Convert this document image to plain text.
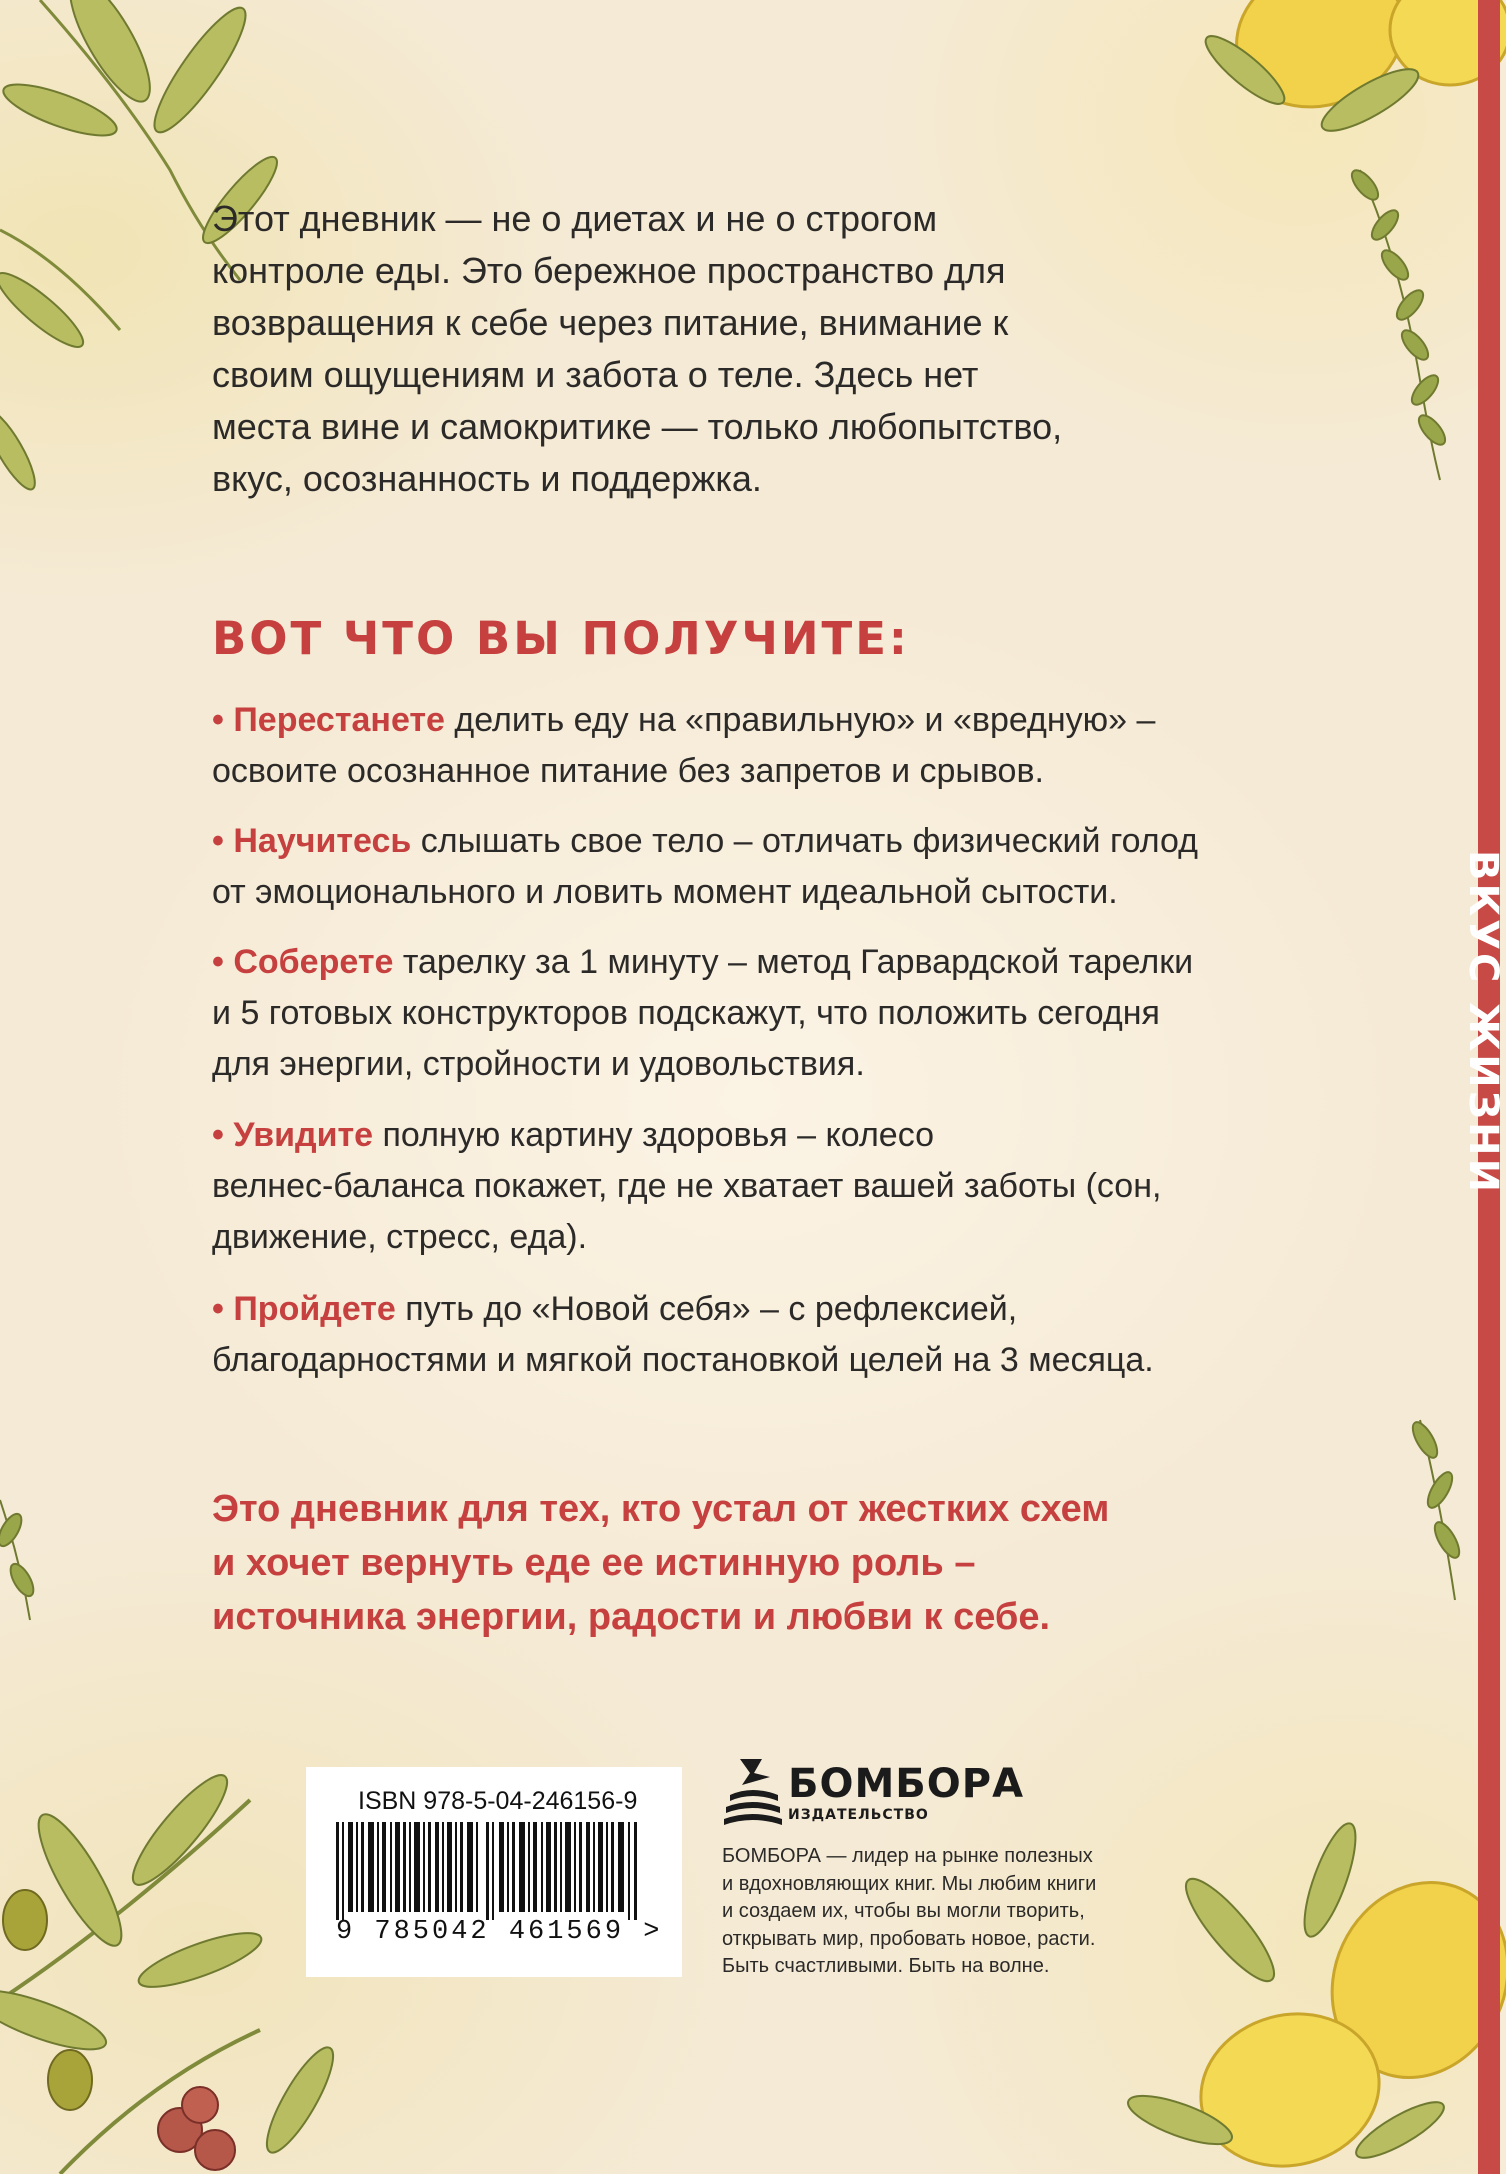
ВКУС ЖИЗНИ
Этот дневник — не о диетах и не о строгом
контроле еды. Это бережное пространство для
возвращения к себе через питание, внимание к
своим ощущениям и забота о теле. Здесь нет
места вине и самокритике — только любопытство,
вкус, осознанность и поддержка.
ВОТ ЧТО ВЫ ПОЛУЧИТЕ:
• Перестанете делить еду на «правильную» и «вредную» –
освоите осознанное питание без запретов и срывов.
• Научитесь слышать свое тело – отличать физический голод
от эмоционального и ловить момент идеальной сытости.
• Соберете тарелку за 1 минуту – метод Гарвардской тарелки
и 5 готовых конструкторов подскажут, что положить сегодня
для энергии, стройности и удовольствия.
• Увидите полную картину здоровья – колесо
велнес-баланса покажет, где не хватает вашей заботы (сон,
движение, стресс, еда).
• Пройдете путь до «Новой себя» – с рефлексией,
благодарностями и мягкой постановкой целей на 3 месяца.
Это дневник для тех, кто устал от жестких схем
и хочет вернуть еде ее истинную роль –
источника энергии, радости и любви к себе.
ISBN 978-5-04-246156-9
9 785042 461569 >
БОМБОРА
ИЗДАТЕЛЬСТВО
БОМБОРА — лидер на рынке полезных
и вдохновляющих книг. Мы любим книги
и создаем их, чтобы вы могли творить,
открывать мир, пробовать новое, расти.
Быть счастливыми. Быть на волне.
